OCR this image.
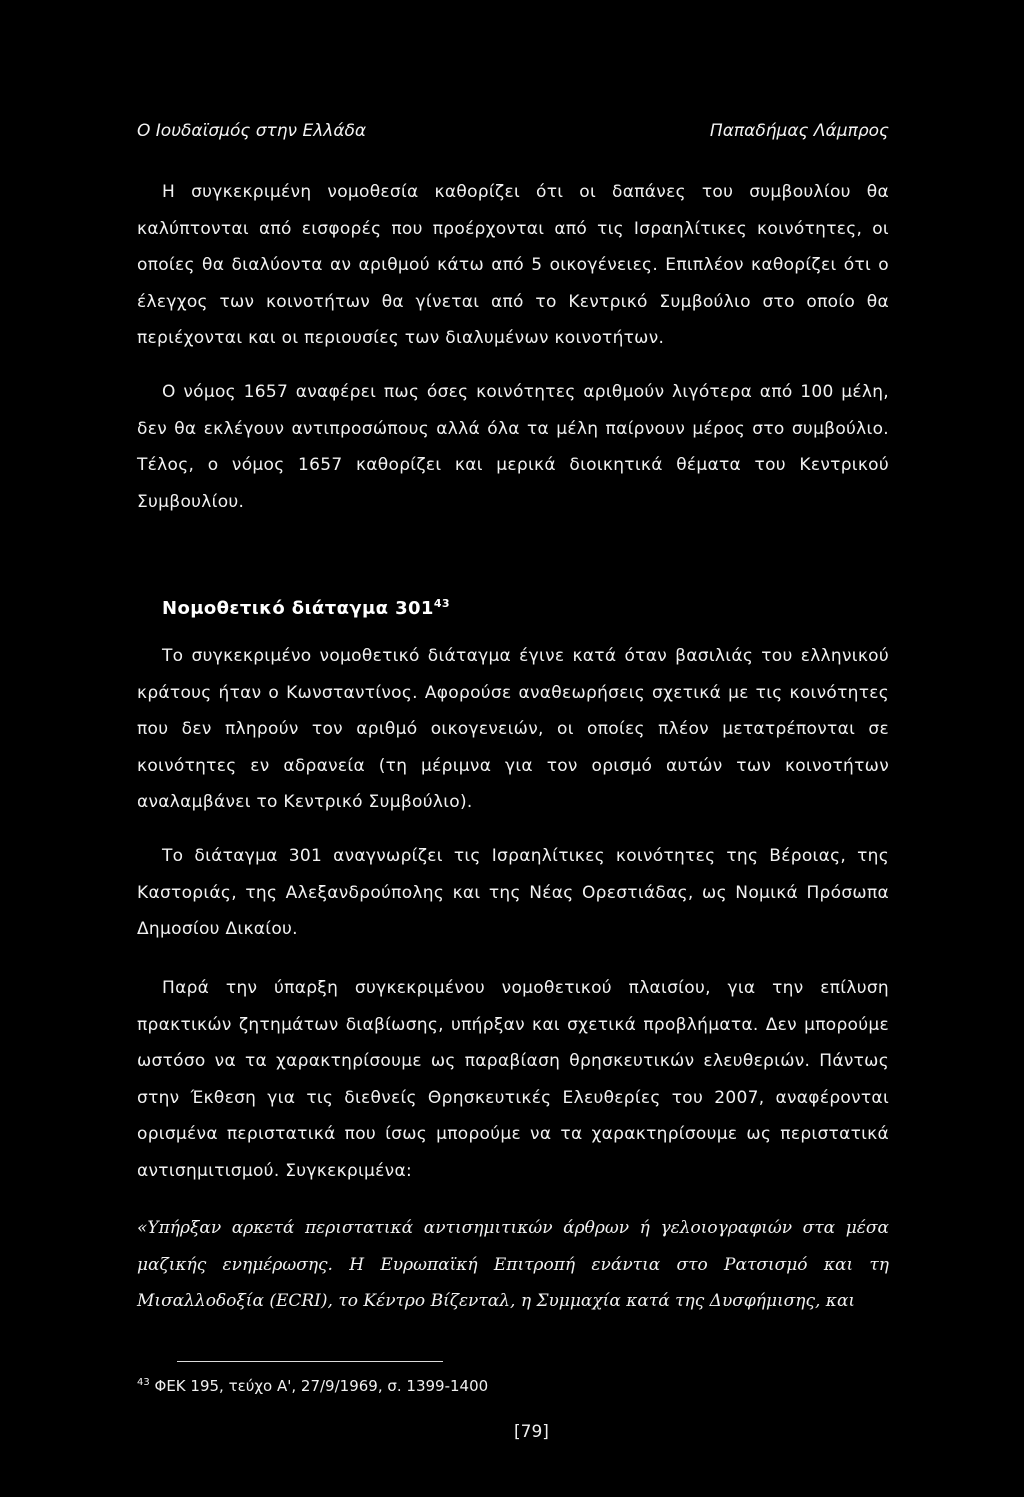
Ο Ιουδαϊσμός στην Ελλάδα	Παπαδήμας Λάμπρος

Η συγκεκριμένη νομοθεσία καθορίζει ότι οι δαπάνες του συμβουλίου θα καλύπτονται από εισφορές που προέρχονται από τις Ισραηλίτικες κοινότητες, οι οποίες θα διαλύοντα αν αριθμού κάτω από 5 οικογένειες. Επιπλέον καθορίζει ότι ο έλεγχος των κοινοτήτων θα γίνεται από το Κεντρικό Συμβούλιο στο οποίο θα περιέχονται και οι περιουσίες των διαλυμένων κοινοτήτων.

Ο νόμος 1657 αναφέρει πως όσες κοινότητες αριθμούν λιγότερα από 100 μέλη, δεν θα εκλέγουν αντιπροσώπους αλλά όλα τα μέλη παίρνουν μέρος στο συμβούλιο. Τέλος, ο νόμος 1657 καθορίζει και μερικά διοικητικά θέματα του Κεντρικού Συμβουλίου.

Νομοθετικό διάταγμα $301^{43}$

Το συγκεκριμένο νομοθετικό διάταγμα έγινε κατά όταν βασιλιάς του ελληνικού κράτους ήταν ο Κωνσταντίνος. Αφορούσε αναθεωρήσεις σχετικά με τις κοινότητες που δεν πληρούν τον αριθμό οικογενειών, οι οποίες πλέον μετατρέπονται σε κοινότητες εν αδρανεία (τη μέριμνα για τον ορισμό αυτών των κοινοτήτων αναλαμβάνει το Κεντρικό Συμβούλιο).

Το διάταγμα 301 αναγνωρίζει τις Ισραηλίτικες κοινότητες της Βέροιας, της Καστοριάς, της Αλεξανδρούπολης και της Νέας Ορεστιάδας, ως Νομικά Πρόσωπα Δημοσίου Δικαίου.

Παρά την ύπαρξη συγκεκριμένου νομοθετικού πλαισίου, για την επίλυση πρακτικών ζητημάτων διαβίωσης, υπήρξαν και σχετικά προβλήματα. Δεν μπορούμε ωστόσο να τα χαρακτηρίσουμε ως παραβίαση θρησκευτικών ελευθεριών. Πάντως στην Έκθεση για τις διεθνείς Θρησκευτικές Ελευθερίες του 2007, αναφέρονται ορισμένα περιστατικά που ίσως μπορούμε να τα χαρακτηρίσουμε ως περιστατικά αντισημιτισμού. Συγκεκριμένα:

«Υπήρξαν αρκετά περιστατικά αντισημιτικών άρθρων ή γελοιογραφιών στα μέσα μαζικής ενημέρωσης. Η Ευρωπαϊκή Επιτροπή ενάντια στο Ρατσισμό και τη Μισαλλοδοξία (ECRI), το Κέντρο Βίζενταλ, η Συμμαχία κατά της Δυσφήμισης, και

$^{43}$ ΦΕΚ 195, τεύχο Α', 27/9/1969, σ. 1399-1400
[79]
